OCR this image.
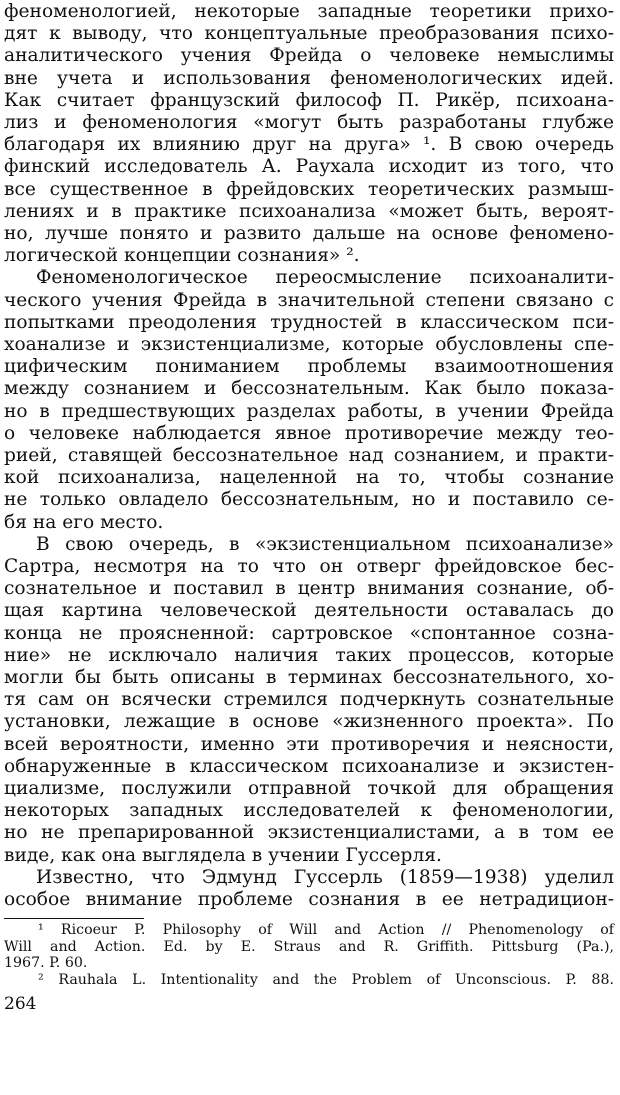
феноменологией, некоторые западные теоретики прихо-
дят к выводу, что концептуальные преобразования психо-
аналитического учения Фрейда о человеке немыслимы
вне учета и использования феноменологических идей.
Как считает французский философ П. Рикёр, психоана-
лиз и феноменология «могут быть разработаны глубже
благодаря их влиянию друг на друга» ¹. В свою очередь
финский исследователь А. Раухала исходит из того, что
все существенное в фрейдовских теоретических размыш-
лениях и в практике психоанализа «может быть, вероят-
но, лучше понято и развито дальше на основе феномено-
логической концепции сознания» ².
Феноменологическое переосмысление психоаналити-
ческого учения Фрейда в значительной степени связано с
попытками преодоления трудностей в классическом пси-
хоанализе и экзистенциализме, которые обусловлены спе-
цифическим пониманием проблемы взаимоотношения
между сознанием и бессознательным. Как было показа-
но в предшествующих разделах работы, в учении Фрейда
о человеке наблюдается явное противоречие между тео-
рией, ставящей бессознательное над сознанием, и практи-
кой психоанализа, нацеленной на то, чтобы сознание
не только овладело бессознательным, но и поставило се-
бя на его место.
В свою очередь, в «экзистенциальном психоанализе»
Сартра, несмотря на то что он отверг фрейдовское бес-
сознательное и поставил в центр внимания сознание, об-
щая картина человеческой деятельности оставалась до
конца не проясненной: сартровское «спонтанное созна-
ние» не исключало наличия таких процессов, которые
могли бы быть описаны в терминах бессознательного, хо-
тя сам он всячески стремился подчеркнуть сознательные
установки, лежащие в основе «жизненного проекта». По
всей вероятности, именно эти противоречия и неясности,
обнаруженные в классическом психоанализе и экзистен-
циализме, послужили отправной точкой для обращения
некоторых западных исследователей к феноменологии,
но не препарированной экзистенциалистами, а в том ее
виде, как она выглядела в учении Гуссерля.
Известно, что Эдмунд Гуссерль (1859—1938) уделил
особое внимание проблеме сознания в ее нетрадицион-
¹ Ricoeur P. Philosophy of Will and Action // Phenomenology of
Will and Action. Ed. by E. Straus and R. Griffith. Pittsburg (Pa.),
1967. P. 60.
² Rauhala L. Intentionality and the Problem of Unconscious. P. 88.
264
